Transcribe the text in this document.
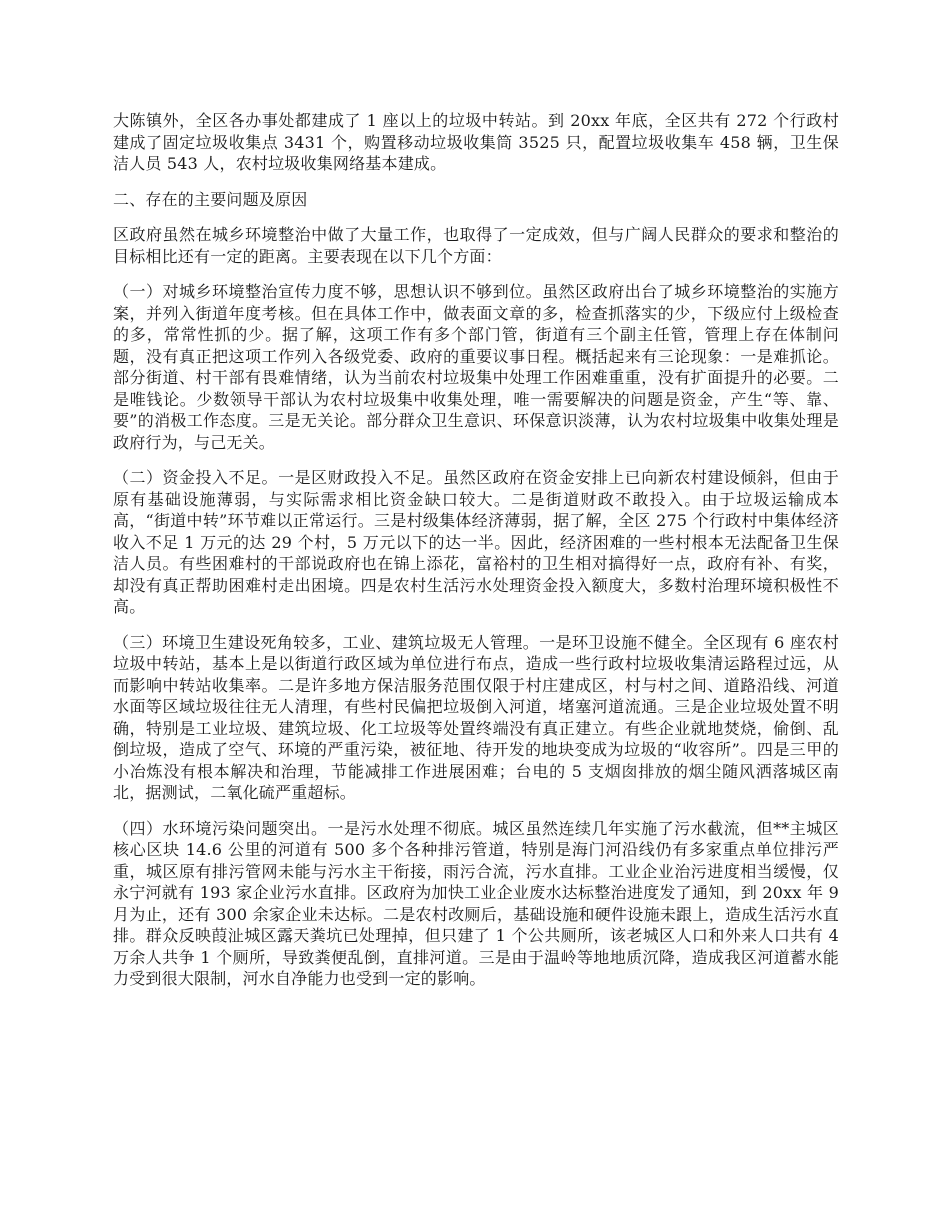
大陈镇外，全区各办事处都建成了 1 座以上的垃圾中转站。到 20xx 年底，全区共有 272 个行政村建成了固定垃圾收集点 3431 个，购置移动垃圾收集筒 3525 只，配置垃圾收集车 458 辆，卫生保洁人员 543 人，农村垃圾收集网络基本建成。

二、存在的主要问题及原因

区政府虽然在城乡环境整治中做了大量工作，也取得了一定成效，但与广阔人民群众的要求和整治的目标相比还有一定的距离。主要表现在以下几个方面：

（一）对城乡环境整治宣传力度不够，思想认识不够到位。虽然区政府出台了城乡环境整治的实施方案，并列入街道年度考核。但在具体工作中，做表面文章的多，检查抓落实的少，下级应付上级检查的多，常常性抓的少。据了解，这项工作有多个部门管，街道有三个副主任管，管理上存在体制问题，没有真正把这项工作列入各级党委、政府的重要议事日程。概括起来有三论现象：一是难抓论。部分街道、村干部有畏难情绪，认为当前农村垃圾集中处理工作困难重重，没有扩面提升的必要。二是唯钱论。少数领导干部认为农村垃圾集中收集处理，唯一需要解决的问题是资金，产生“等、靠、要”的消极工作态度。三是无关论。部分群众卫生意识、环保意识淡薄，认为农村垃圾集中收集处理是政府行为，与己无关。

（二）资金投入不足。一是区财政投入不足。虽然区政府在资金安排上已向新农村建设倾斜，但由于原有基础设施薄弱，与实际需求相比资金缺口较大。二是街道财政不敢投入。由于垃圾运输成本高，“街道中转”环节难以正常运行。三是村级集体经济薄弱，据了解，全区 275 个行政村中集体经济收入不足 1 万元的达 29 个村，5 万元以下的达一半。因此，经济困难的一些村根本无法配备卫生保洁人员。有些困难村的干部说政府也在锦上添花，富裕村的卫生相对搞得好一点，政府有补、有奖，却没有真正帮助困难村走出困境。四是农村生活污水处理资金投入额度大，多数村治理环境积极性不高。

（三）环境卫生建设死角较多，工业、建筑垃圾无人管理。一是环卫设施不健全。全区现有 6 座农村垃圾中转站，基本上是以街道行政区域为单位进行布点，造成一些行政村垃圾收集清运路程过远，从而影响中转站收集率。二是许多地方保洁服务范围仅限于村庄建成区，村与村之间、道路沿线、河道水面等区域垃圾往往无人清理，有些村民偏把垃圾倒入河道，堵塞河道流通。三是企业垃圾处置不明确，特别是工业垃圾、建筑垃圾、化工垃圾等处置终端没有真正建立。有些企业就地焚烧，偷倒、乱倒垃圾，造成了空气、环境的严重污染，被征地、待开发的地块变成为垃圾的“收容所”。四是三甲的小冶炼没有根本解决和治理，节能减排工作进展困难；台电的 5 支烟囱排放的烟尘随风洒落城区南北，据测试，二氧化硫严重超标。

（四）水环境污染问题突出。一是污水处理不彻底。城区虽然连续几年实施了污水截流，但**主城区核心区块 14.6 公里的河道有 500 多个各种排污管道，特别是海门河沿线仍有多家重点单位排污严重，城区原有排污管网未能与污水主干衔接，雨污合流，污水直排。工业企业治污进度相当缓慢，仅永宁河就有 193 家企业污水直排。区政府为加快工业企业废水达标整治进度发了通知，到 20xx 年 9 月为止，还有 300 余家企业未达标。二是农村改厕后，基础设施和硬件设施未跟上，造成生活污水直排。群众反映葭沚城区露天粪坑已处理掉，但只建了 1 个公共厕所，该老城区人口和外来人口共有 4 万余人共争 1 个厕所，导致粪便乱倒，直排河道。三是由于温岭等地地质沉降，造成我区河道蓄水能力受到很大限制，河水自净能力也受到一定的影响。
